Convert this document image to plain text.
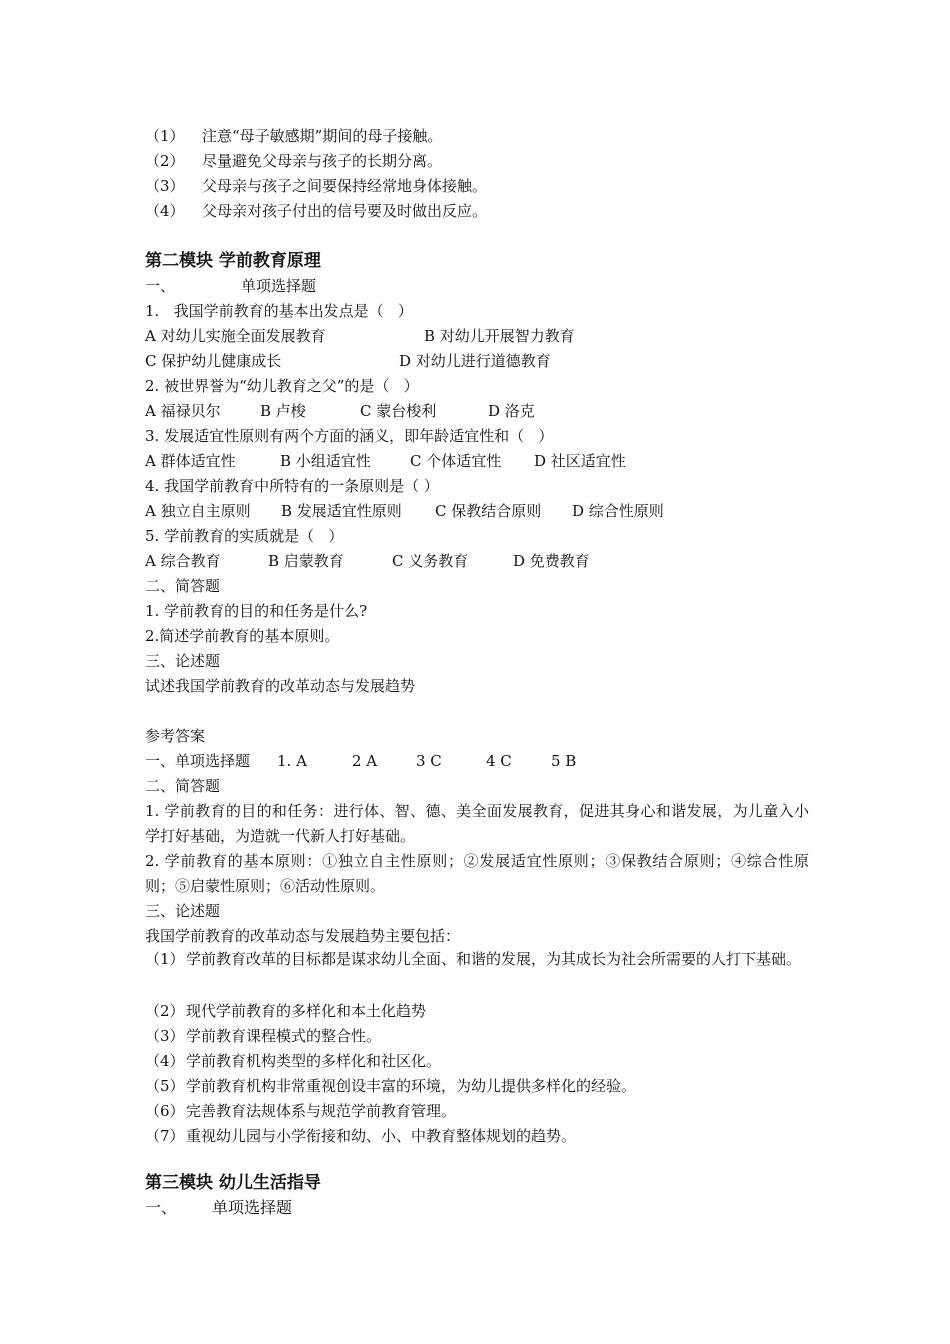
（1） 注意“母子敏感期”期间的母子接触。

（2） 尽量避免父母亲与孩子的长期分离。

（3） 父母亲与孩子之间要保持经常地身体接触。

（4） 父母亲对孩子付出的信号要及时做出反应。

第二模块 学前教育原理

一、	单项选择题

1.   我国学前教育的基本出发点是（   ）

A 对幼儿实施全面发展教育	B 对幼儿开展智力教育

C 保护幼儿健康成长	D 对幼儿进行道德教育

2. 被世界誉为“幼儿教育之父”的是（   ）

A 福禄贝尔	B 卢梭	C 蒙台梭利	D 洛克

3. 发展适宜性原则有两个方面的涵义，即年龄适宜性和（   ）

A 群体适宜性	B 小组适宜性	C 个体适宜性 D 社区适宜性

4. 我国学前教育中所特有的一条原则是（ ）

A 独立自主原则 B 发展适宜性原则 C 保教结合原则 D 综合性原则

5. 学前教育的实质就是（   ）

A 综合教育	B 启蒙教育	C 义务教育	D 免费教育

二、简答题

1. 学前教育的目的和任务是什么?

2.简述学前教育的基本原则。

三、论述题

试述我国学前教育的改革动态与发展趋势

参考答案

一、单项选择题 1. A	2 A	3 C	4 C	5 B

二、简答题

1. 学前教育的目的和任务：进行体、智、德、美全面发展教育，促进其身心和谐发展，为儿童入小学打好基础，为造就一代新人打好基础。

2. 学前教育的基本原则：①独立自主性原则；②发展适宜性原则；③保教结合原则；④综合性原则；⑤启蒙性原则；⑥活动性原则。

三、论述题

我国学前教育的改革动态与发展趋势主要包括：

（1） 学前教育改革的目标都是谋求幼儿全面、和谐的发展，为其成长为社会所需要的人打下基础。

（2） 现代学前教育的多样化和本土化趋势

（3） 学前教育课程模式的整合性。

（4） 学前教育机构类型的多样化和社区化。

（5） 学前教育机构非常重视创设丰富的环境，为幼儿提供多样化的经验。

（6） 完善教育法规体系与规范学前教育管理。

（7） 重视幼儿园与小学衔接和幼、小、中教育整体规划的趋势。

第三模块 幼儿生活指导

一、 单项选择题
